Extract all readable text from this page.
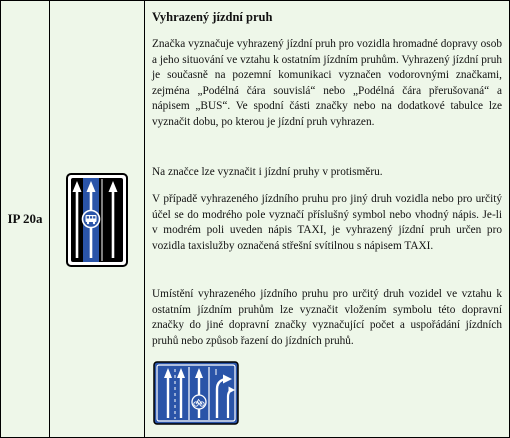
IP 20a
Vyhrazený jízdní pruh

Značka vyznačuje vyhrazený jízdní pruh pro vozidla hromadné dopravy osob a jeho situování ve vztahu k ostatním jízdním pruhům. Vyhrazený jízdní pruh je současně na pozemní komunikaci vyznačen vodorovnými značkami, zejména „Podélná čára souvislá“ nebo „Podélná čára přerušovaná“ a nápisem „BUS“. Ve spodní části značky nebo na dodatkové tabulce lze vyznačit dobu, po kterou je jízdní pruh vyhrazen.

Na značce lze vyznačit i jízdní pruhy v protisměru.

V případě vyhrazeného jízdního pruhu pro jiný druh vozidla nebo pro určitý účel se do modrého pole vyznačí příslušný symbol nebo vhodný nápis. Je-li v modrém poli uveden nápis TAXI, je vyhrazený jízdní pruh určen pro vozidla taxislužby označená střešní svítilnou s nápisem TAXI.

Umístění vyhrazeného jízdního pruhu pro určitý druh vozidel ve vztahu k ostatním jízdním pruhům lze vyznačit vložením symbolu této dopravní značky do jiné dopravní značky vyznačující počet a uspořádání jízdních pruhů nebo způsob řazení do jízdních pruhů.
